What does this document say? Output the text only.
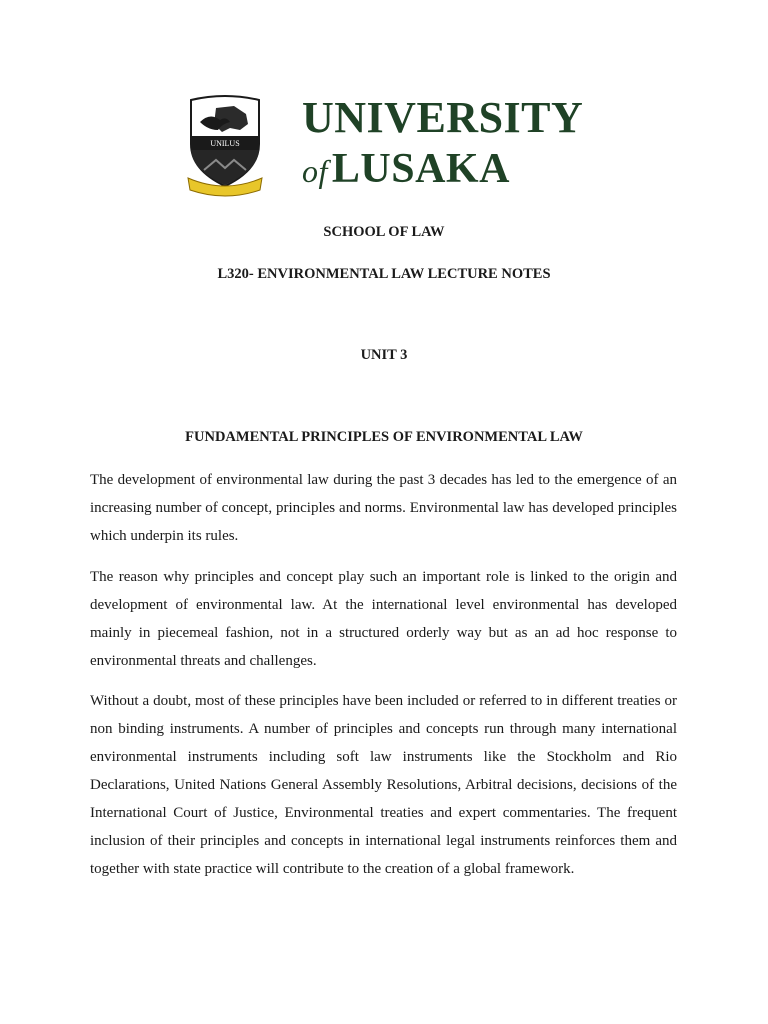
UNILUS
UNIVERSITY
ofLUSAKA
SCHOOL OF LAW
L320- ENVIRONMENTAL LAW LECTURE NOTES
UNIT 3
FUNDAMENTAL PRINCIPLES OF ENVIRONMENTAL LAW

The development of environmental law during the past 3 decades has led to the emergence of an increasing number of concept, principles and norms. Environmental law has developed principles which underpin its rules.

The reason why principles and concept play such an important role is linked to the origin and development of environmental law. At the international level environmental has developed mainly in piecemeal fashion, not in a structured orderly way but as an ad hoc response to environmental threats and challenges.

Without a doubt, most of these principles have been included or referred to in different treaties or non binding instruments. A number of principles and concepts run through many international environmental instruments including soft law instruments like the Stockholm and Rio Declarations, United Nations General Assembly Resolutions, Arbitral decisions, decisions of the International Court of Justice, Environmental treaties and expert commentaries. The frequent inclusion of their principles and concepts in international legal instruments reinforces them and together with state practice will contribute to the creation of a global framework.
